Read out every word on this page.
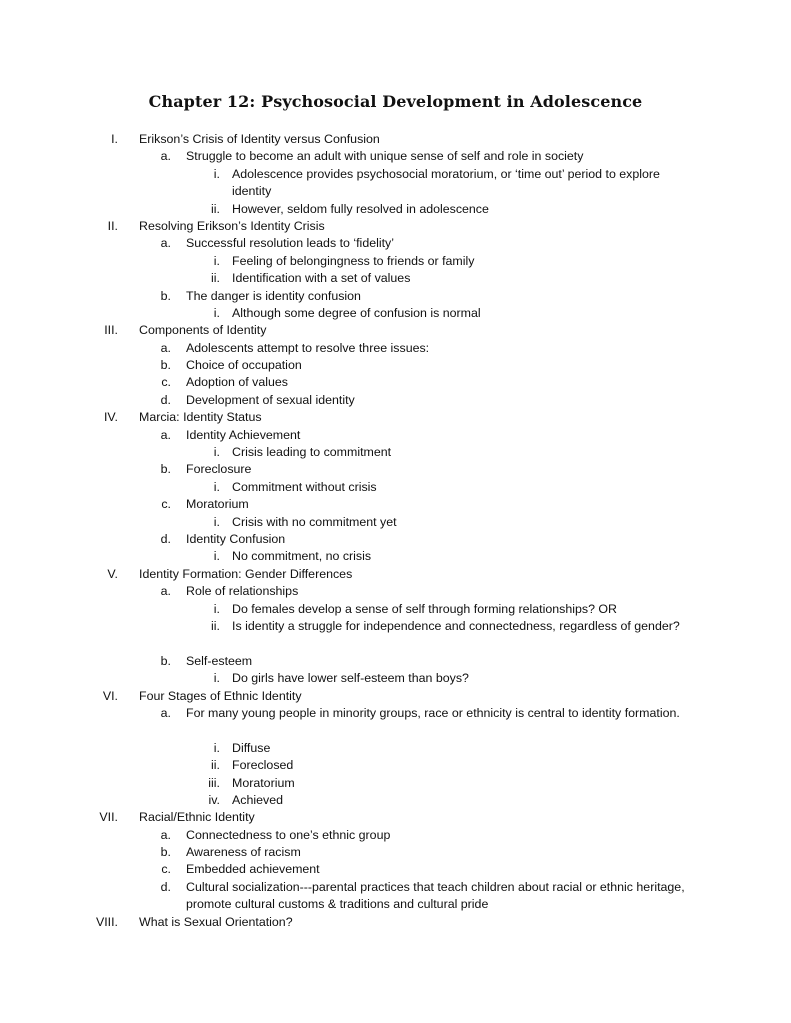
Chapter 12: Psychosocial Development in Adolescence
I. Erikson’s Crisis of Identity versus Confusion
a. Struggle to become an adult with unique sense of self and role in society
i. Adolescence provides psychosocial moratorium, or ‘time out’ period to explore identity
ii. However, seldom fully resolved in adolescence
II. Resolving Erikson’s Identity Crisis
a. Successful resolution leads to ‘fidelity’
i. Feeling of belongingness to friends or family
ii. Identification with a set of values
b. The danger is identity confusion
i. Although some degree of confusion is normal
III. Components of Identity
a. Adolescents attempt to resolve three issues:
b. Choice of occupation
c. Adoption of values
d. Development of sexual identity
IV. Marcia: Identity Status
a. Identity Achievement
i. Crisis leading to commitment
b. Foreclosure
i. Commitment without crisis
c. Moratorium
i. Crisis with no commitment yet
d. Identity Confusion
i. No commitment, no crisis
V. Identity Formation: Gender Differences
a. Role of relationships
i. Do females develop a sense of self through forming relationships? OR
ii. Is identity a struggle for independence and connectedness, regardless of gender?
b. Self-esteem
i. Do girls have lower self-esteem than boys?
VI. Four Stages of Ethnic Identity
a. For many young people in minority groups, race or ethnicity is central to identity formation.
i. Diffuse
ii. Foreclosed
iii. Moratorium
iv. Achieved
VII. Racial/Ethnic Identity
a. Connectedness to one’s ethnic group
b. Awareness of racism
c. Embedded achievement
d. Cultural socialization---parental practices that teach children about racial or ethnic heritage, promote cultural customs & traditions and cultural pride
VIII. What is Sexual Orientation?
